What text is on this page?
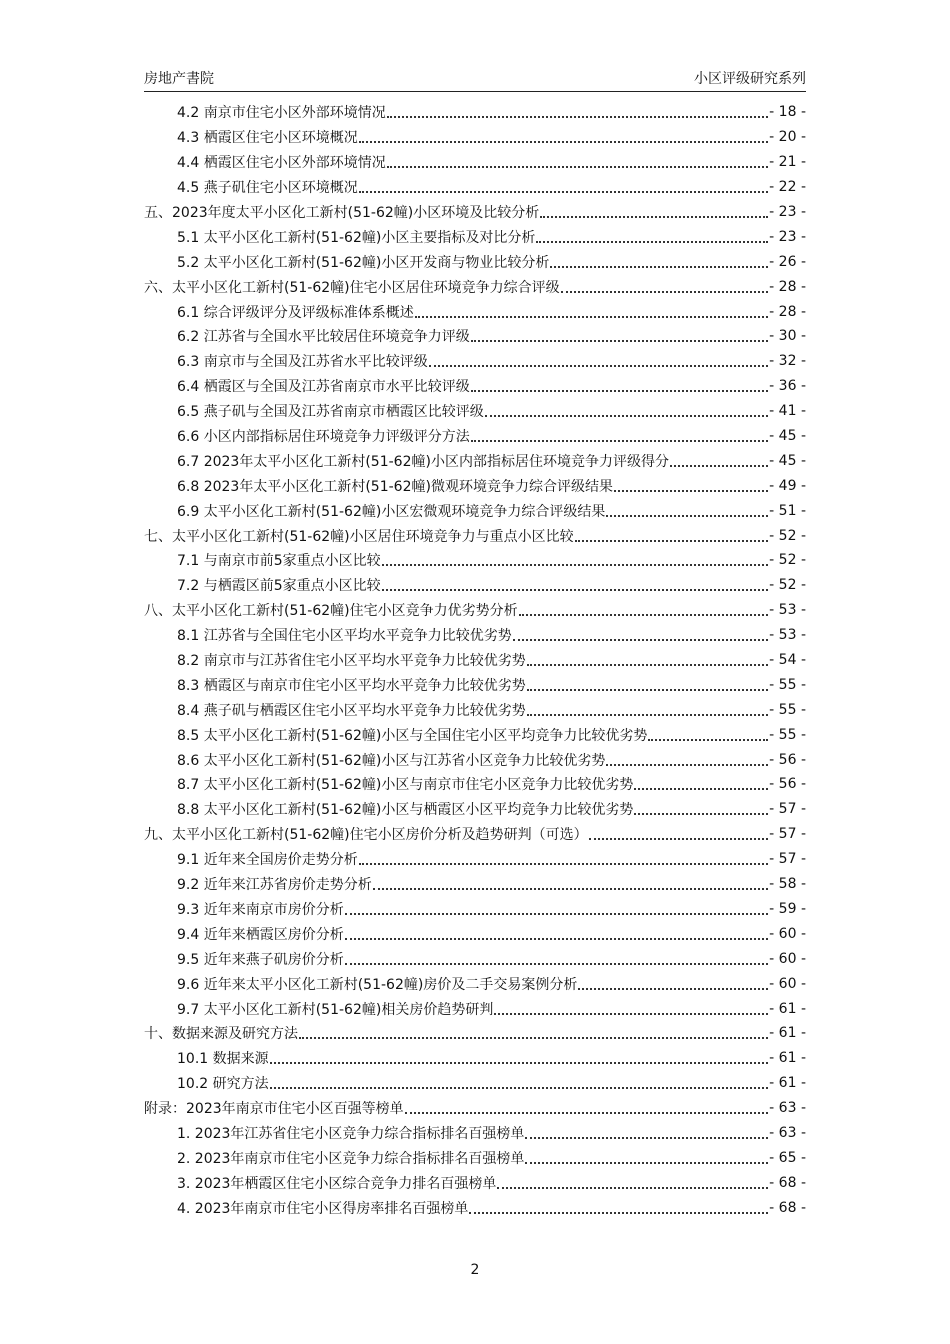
房地产書院	小区评级研究系列
4.2 南京市住宅小区外部环境情况	- 18 -
4.3 栖霞区住宅小区环境概况	- 20 -
4.4 栖霞区住宅小区外部环境情况	- 21 -
4.5 燕子矶住宅小区环境概况	- 22 -
五、2023年度太平小区化工新村(51-62幢)小区环境及比较分析	- 23 -
5.1 太平小区化工新村(51-62幢)小区主要指标及对比分析	- 23 -
5.2 太平小区化工新村(51-62幢)小区开发商与物业比较分析	- 26 -
六、太平小区化工新村(51-62幢)住宅小区居住环境竞争力综合评级	- 28 -
6.1 综合评级评分及评级标准体系概述	- 28 -
6.2 江苏省与全国水平比较居住环境竞争力评级	- 30 -
6.3 南京市与全国及江苏省水平比较评级	- 32 -
6.4 栖霞区与全国及江苏省南京市水平比较评级	- 36 -
6.5 燕子矶与全国及江苏省南京市栖霞区比较评级	- 41 -
6.6 小区内部指标居住环境竞争力评级评分方法	- 45 -
6.7 2023年太平小区化工新村(51-62幢)小区内部指标居住环境竞争力评级得分	- 45 -
6.8 2023年太平小区化工新村(51-62幢)微观环境竞争力综合评级结果	- 49 -
6.9 太平小区化工新村(51-62幢)小区宏微观环境竞争力综合评级结果	- 51 -
七、太平小区化工新村(51-62幢)小区居住环境竞争力与重点小区比较	- 52 -
7.1 与南京市前5家重点小区比较	- 52 -
7.2 与栖霞区前5家重点小区比较	- 52 -
八、太平小区化工新村(51-62幢)住宅小区竞争力优劣势分析	- 53 -
8.1 江苏省与全国住宅小区平均水平竞争力比较优劣势	- 53 -
8.2 南京市与江苏省住宅小区平均水平竞争力比较优劣势	- 54 -
8.3 栖霞区与南京市住宅小区平均水平竞争力比较优劣势	- 55 -
8.4 燕子矶与栖霞区住宅小区平均水平竞争力比较优劣势	- 55 -
8.5 太平小区化工新村(51-62幢)小区与全国住宅小区平均竞争力比较优劣势	- 55 -
8.6 太平小区化工新村(51-62幢)小区与江苏省小区竞争力比较优劣势	- 56 -
8.7 太平小区化工新村(51-62幢)小区与南京市住宅小区竞争力比较优劣势	- 56 -
8.8 太平小区化工新村(51-62幢)小区与栖霞区小区平均竞争力比较优劣势	- 57 -
九、太平小区化工新村(51-62幢)住宅小区房价分析及趋势研判（可选）	- 57 -
9.1 近年来全国房价走势分析	- 57 -
9.2 近年来江苏省房价走势分析	- 58 -
9.3 近年来南京市房价分析	- 59 -
9.4 近年来栖霞区房价分析	- 60 -
9.5 近年来燕子矶房价分析	- 60 -
9.6 近年来太平小区化工新村(51-62幢)房价及二手交易案例分析	- 60 -
9.7 太平小区化工新村(51-62幢)相关房价趋势研判	- 61 -
十、数据来源及研究方法	- 61 -
10.1 数据来源	- 61 -
10.2 研究方法	- 61 -
附录：2023年南京市住宅小区百强等榜单	- 63 -
1. 2023年江苏省住宅小区竞争力综合指标排名百强榜单	- 63 -
2. 2023年南京市住宅小区竞争力综合指标排名百强榜单	- 65 -
3. 2023年栖霞区住宅小区综合竞争力排名百强榜单	- 68 -
4. 2023年南京市住宅小区得房率排名百强榜单	- 68 -
2
